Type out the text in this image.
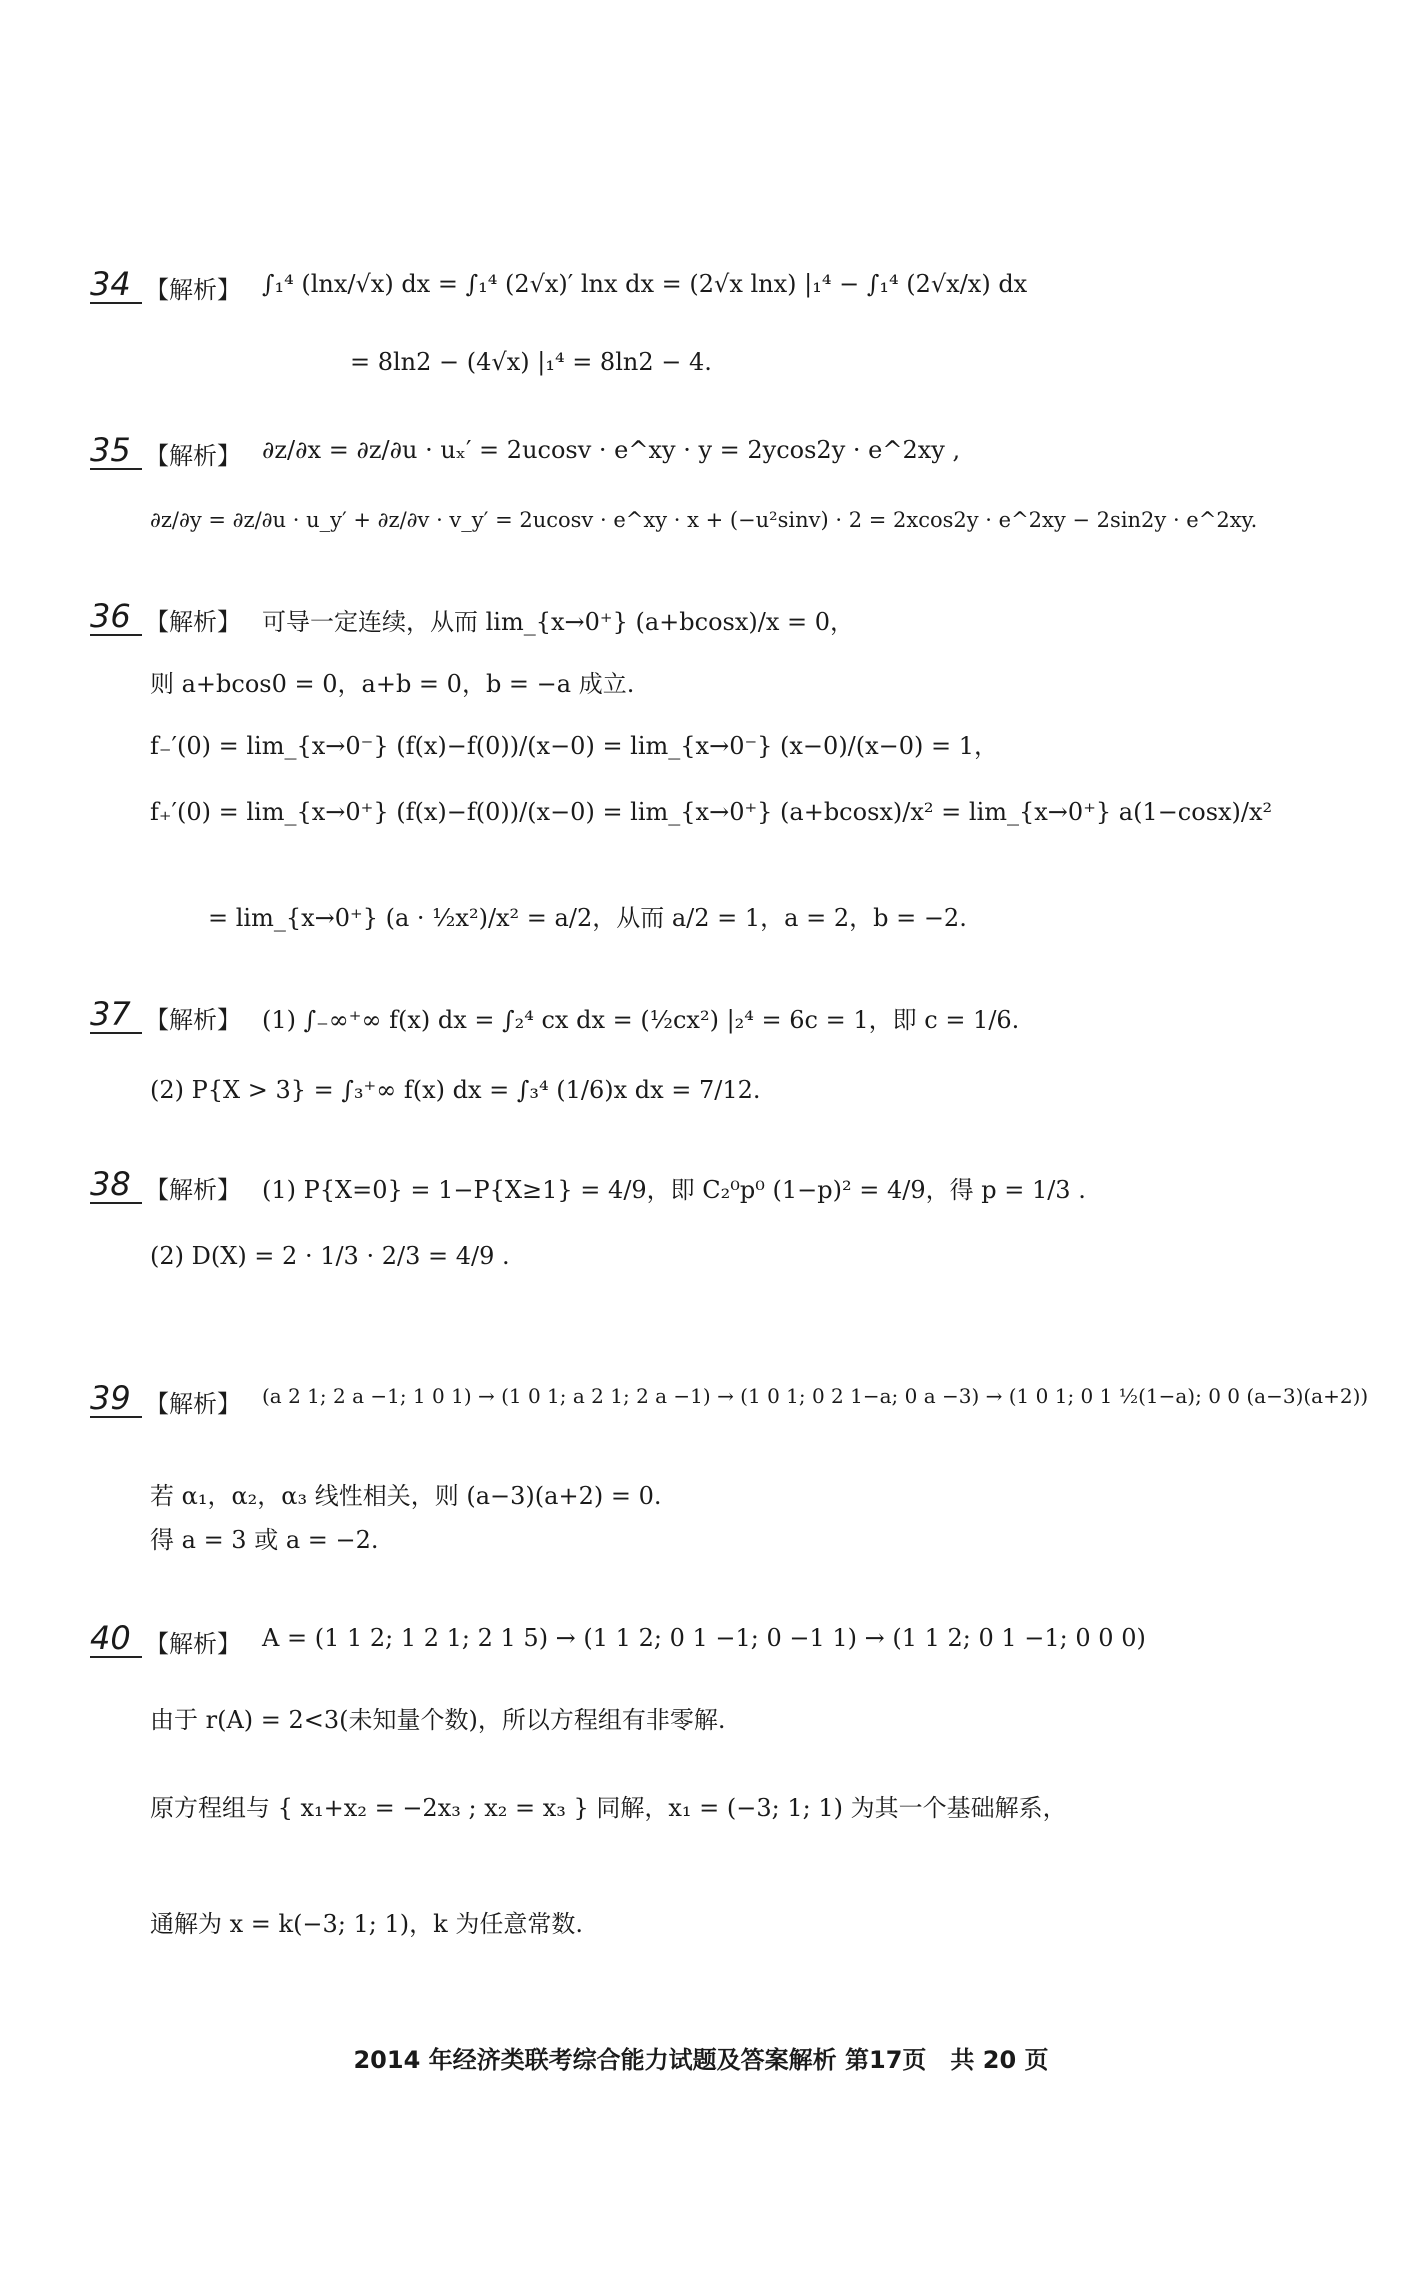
34 【解析】 ∫₁⁴ (lnx/√x) dx = ∫₁⁴ (2√x)′ lnx dx = (2√x lnx) |₁⁴ − ∫₁⁴ (2√x/x) dx
= 8ln2 − (4√x) |₁⁴ = 8ln2 − 4.
35 【解析】 ∂z/∂x = ∂z/∂u · uₓ′ = 2ucosv · e^xy · y = 2ycos2y · e^2xy ,
∂z/∂y = ∂z/∂u · u_y′ + ∂z/∂v · v_y′ = 2ucosv · e^xy · x + (−u²sinv) · 2 = 2xcos2y · e^2xy − 2sin2y · e^2xy.
36 【解析】 可导一定连续，从而 lim_{x→0⁺} (a+bcosx)/x = 0，
则 a+bcos0 = 0，a+b = 0，b = −a 成立.
f₋′(0) = lim_{x→0⁻} (f(x)−f(0))/(x−0) = lim_{x→0⁻} (x−0)/(x−0) = 1，
f₊′(0) = lim_{x→0⁺} (f(x)−f(0))/(x−0) = lim_{x→0⁺} (a+bcosx)/x² = lim_{x→0⁺} a(1−cosx)/x²
= lim_{x→0⁺} (a · ½x²)/x² = a/2，从而 a/2 = 1，a = 2，b = −2.
37 【解析】 (1) ∫₋∞⁺∞ f(x) dx = ∫₂⁴ cx dx = (½cx²) |₂⁴ = 6c = 1，即 c = 1/6.
(2) P{X > 3} = ∫₃⁺∞ f(x) dx = ∫₃⁴ (1/6)x dx = 7/12.
38 【解析】 (1) P{X=0} = 1−P{X≥1} = 4/9，即 C₂⁰p⁰ (1−p)² = 4/9，得 p = 1/3 .
(2) D(X) = 2 · 1/3 · 2/3 = 4/9 .
39 【解析】 (a 2 1; 2 a −1; 1 0 1) → (1 0 1; a 2 1; 2 a −1) → (1 0 1; 0 2 1−a; 0 a −3) → (1 0 1; 0 1 ½(1−a); 0 0 (a−3)(a+2))
若 α₁，α₂，α₃ 线性相关，则 (a−3)(a+2) = 0.
得 a = 3 或 a = −2.
40 【解析】 A = (1 1 2; 1 2 1; 2 1 5) → (1 1 2; 0 1 −1; 0 −1 1) → (1 1 2; 0 1 −1; 0 0 0)
由于 r(A) = 2<3(未知量个数)，所以方程组有非零解.
原方程组与 { x₁+x₂ = −2x₃ ; x₂ = x₃ } 同解，x₁ = (−3; 1; 1) 为其一个基础解系，
通解为 x = k(−3; 1; 1)，k 为任意常数.
2014 年经济类联考综合能力试题及答案解析 第17页　共 20 页
